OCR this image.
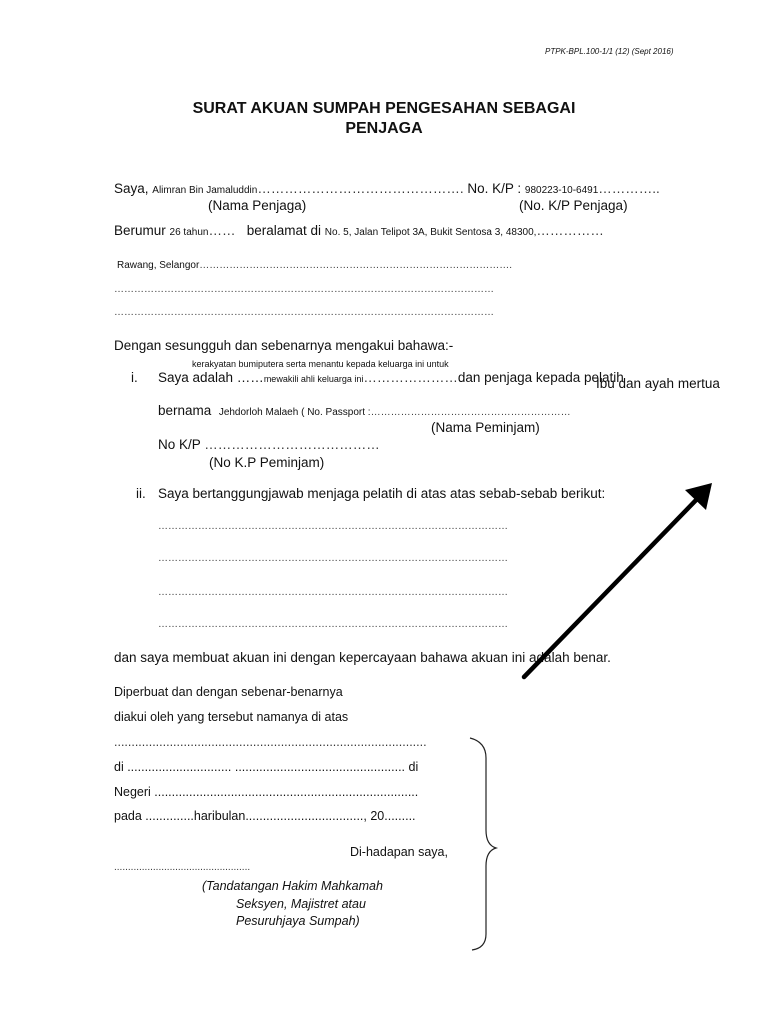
PTPK-BPL.100-1/1 (12) (Sept 2016)
SURAT AKUAN SUMPAH PENGESAHAN SEBAGAI
PENJAGA
Saya, Alimran Bin Jamaluddin………………………………………. No. K/P : 980223-10-6491…………..
(Nama Penjaga)	(No. K/P Penjaga)
Berumur 26 tahun…… beralamat di No. 5, Jalan Telipot 3A, Bukit Sentosa 3, 48300,……………
Rawang, Selangor………………………………………………………………………………….
……………………………………………………………………………………………………
……………………………………………………………………………………………………
Dengan sesungguh dan sebenarnya mengakui bahawa:-
kerakyatan bumiputera serta menantu kepada keluarga ini untuk
i. Saya adalah ……mewakili ahli keluarga ini…………………dan penjaga kepada pelatih
Ibu dan ayah mertua
bernama Jehdorloh Malaeh ( No. Passport :……………………………………………………
(Nama Peminjam)
No K/P …………………………………
(No K.P Peminjam)
ii. Saya bertanggungjawab menjaga pelatih di atas atas sebab-sebab berikut:
……………………………………………………………………………………………
……………………………………………………………………………………………
……………………………………………………………………………………………
……………………………………………………………………………………………
dan saya membuat akuan ini dengan kepercayaan bahawa akuan ini adalah benar.
Diperbuat dan dengan sebenar-benarnya
diakui oleh yang tersebut namanya di atas
..........................................................................................
di .............................. ................................................. di
Negeri ............................................................................
pada ..............haribulan.................................., 20.........
Di-hadapan saya,
.................................................
(Tandatangan Hakim Mahkamah
Seksyen, Majistret atau
Pesuruhjaya Sumpah)
